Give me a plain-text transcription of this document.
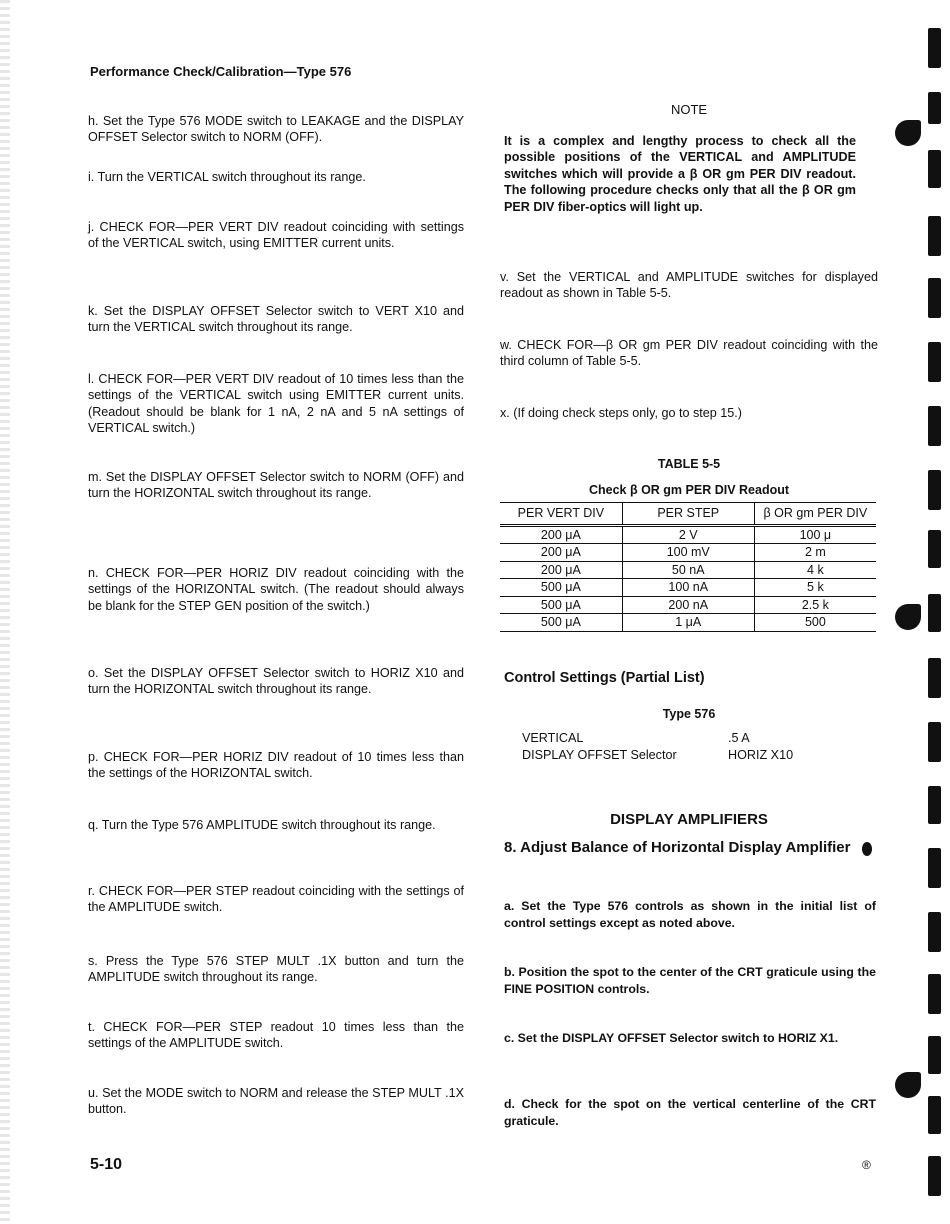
Performance Check/Calibration—Type 576

h. Set the Type 576 MODE switch to LEAKAGE and the DISPLAY OFFSET Selector switch to NORM (OFF).

i. Turn the VERTICAL switch throughout its range.

j. CHECK FOR—PER VERT DIV readout coinciding with settings of the VERTICAL switch, using EMITTER current units.

k. Set the DISPLAY OFFSET Selector switch to VERT X10 and turn the VERTICAL switch throughout its range.

l. CHECK FOR—PER VERT DIV readout of 10 times less than the settings of the VERTICAL switch using EMITTER current units. (Readout should be blank for 1 nA, 2 nA and 5 nA settings of VERTICAL switch.)

m. Set the DISPLAY OFFSET Selector switch to NORM (OFF) and turn the HORIZONTAL switch throughout its range.

n. CHECK FOR—PER HORIZ DIV readout coinciding with the settings of the HORIZONTAL switch. (The readout should always be blank for the STEP GEN position of the switch.)

o. Set the DISPLAY OFFSET Selector switch to HORIZ X10 and turn the HORIZONTAL switch throughout its range.

p. CHECK FOR—PER HORIZ DIV readout of 10 times less than the settings of the HORIZONTAL switch.

q. Turn the Type 576 AMPLITUDE switch throughout its range.

r. CHECK FOR—PER STEP readout coinciding with the settings of the AMPLITUDE switch.

s. Press the Type 576 STEP MULT .1X button and turn the AMPLITUDE switch throughout its range.

t. CHECK FOR—PER STEP readout 10 times less than the settings of the AMPLITUDE switch.

u. Set the MODE switch to NORM and release the STEP MULT .1X button.

NOTE

It is a complex and lengthy process to check all the possible positions of the VERTICAL and AMPLITUDE switches which will provide a β OR gm PER DIV readout. The following procedure checks only that all the β OR gm PER DIV fiber-optics will light up.

v. Set the VERTICAL and AMPLITUDE switches for displayed readout as shown in Table 5-5.

w. CHECK FOR—β OR gm PER DIV readout coinciding with the third column of Table 5-5.

x. (If doing check steps only, go to step 15.)

TABLE 5-5
Check β OR gm PER DIV Readout
PER VERT DIV	PER STEP	β OR gm PER DIV
200 μA	2 V	100 μ
200 μA	100 mV	2 m
200 μA	50 nA	4 k
500 μA	100 nA	5 k
500 μA	200 nA	2.5 k
500 μA	1 μA	500
Control Settings (Partial List)
Type 576
VERTICAL	.5 A
DISPLAY OFFSET Selector	HORIZ X10
DISPLAY AMPLIFIERS
8. Adjust Balance of Horizontal Display Amplifier

a. Set the Type 576 controls as shown in the initial list of control settings except as noted above.

b. Position the spot to the center of the CRT graticule using the FINE POSITION controls.

c. Set the DISPLAY OFFSET Selector switch to HORIZ X1.

d. Check for the spot on the vertical centerline of the CRT graticule.

5-10	®
